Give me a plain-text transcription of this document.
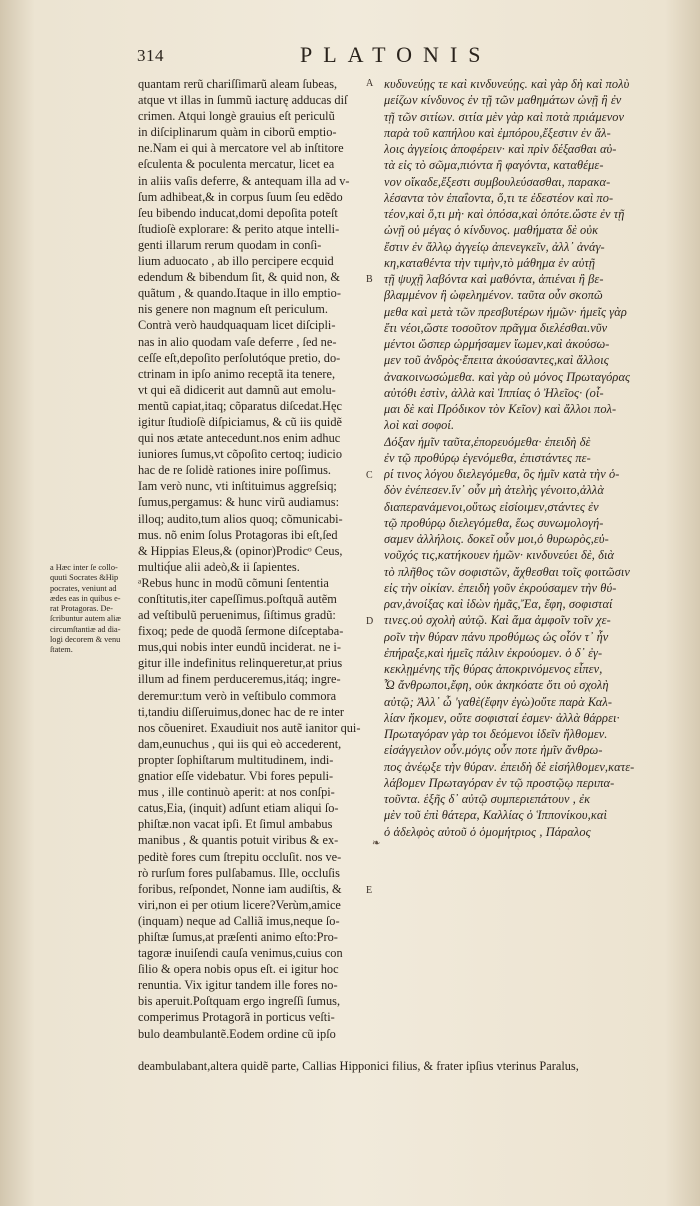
314	PLATONIS
a Hæc inter ſe collo-
quuti Socrates &Hip
pocrates, veniunt ad
ædes eas in quibus e-
rat Protagoras. De-
ſcribuntur autem aliæ
circumſtantiæ ad dia-
logi decorem & venu
ſtatem.
quantam rerũ chariſſimarũ aleam ſubeas,
atque vt illas in ſummũ iacturę adducas diſ
crimen. Atqui longè grauius eſt periculũ
in diſciplinarum quàm in ciborũ emptio-
ne.Nam ei qui à mercatore vel ab inſtitore
eſculenta & poculenta mercatur, licet ea
in aliis vaſis deferre, & antequam illa ad v-
ſum adhibeat,& in corpus ſuum ſeu edẽdo
ſeu bibendo inducat,domi depoſita poteſt
ſtudioſè explorare: & perito atque intelli-
genti illarum rerum quodam in conſi-
lium aduocato , ab illo percipere ecquid
edendum & bibendum ſit, & quid non, &
quãtum , & quando.Itaque in illo emptio-
nis genere non magnum eſt periculum.
Contrà verò haudquaquam licet diſcipli-
nas in alio quodam vaſe deferre , ſed ne-
ceſſe eſt,depoſito perſolutóque pretio, do-
ctrinam in ipſo animo receptã ita tenere,
vt qui eã didicerit aut damnũ aut emolu-
mentũ capiat,itaq; cõparatus diſcedat.Hęc
igitur ſtudioſè diſpiciamus, & cũ iis quidẽ
qui nos ætate antecedunt.nos enim adhuc
iuniores ſumus,vt cõpoſito certoq; iudicio
hac de re ſolidè rationes inire poſſimus.
Iam verò nunc, vti inſtituimus aggreſsiq;
ſumus,pergamus: & hunc virũ audiamus:
illoq; audito,tum alios quoq; cõmunicabi-
mus. nõ enim ſolus Protagoras ibi eſt,ſed
& Hippias Eleus,& (opinor)Prodicᵒ Ceus,
multiq́ue alii adeò,& ii ſapientes.
ᵃRebus hunc in modũ cõmuni ſententia
conſtitutis,iter capeſſimus.poſtquã autẽm
ad veſtibulũ peruenimus, ſiſtimus gradũ:
fixoq; pede de quodã ſermone diſceptaba-
mus,qui nobis inter eundũ inciderat. ne i-
gitur ille indefinitus relinqueretur,at prius
illum ad finem perduceremus,itáq; ingre-
deremur:tum verò in veſtibulo commora
ti,tandiu diſſeruimus,donec hac de re inter
nos cõueniret. Exaudiuit nos autẽ ianitor qui-
dam,eunuchus , qui iis qui eò accederent,
propter ſophiſtarum multitudinem, indi-
gnatior eſſe videbatur. Vbi fores pepuli-
mus , ille continuò aperit: at nos conſpi-
catus,Eia, (inquit) adſunt etiam aliqui ſo-
phiſtæ.non vacat ipſi. Et ſimul ambabus
manibus , & quantis potuit viribus & ex-
peditè fores cum ſtrepitu occluſit. nos ve-
rò rurſum fores pulſabamus. Ille, occluſis
foribus, reſpondet, Nonne iam audiſtis, &
viri,non ei per otium licere?Verùm,amice
(inquam) neque ad Calliã imus,neque ſo-
phiſtæ ſumus,at præſenti animo eſto:Pro-
tagoræ inuiſendi cauſa venimus,cuius con
ſilio & opera nobis opus eſt. ei igitur hoc
renuntia. Vix igitur tandem ille fores no-
bis aperuit.Poſtquam ergo ingreſſi ſumus,
comperimus Protagorã in porticus veſti-
bulo deambulantẽ.Eodem ordine cũ ipſo
A
B
C
D
E
κυδυνεύῃς τε καὶ κινδυνεύῃς. καὶ γὰρ δὴ καὶ πολὺ
μείζων κίνδυνος ἐν τῇ τῶν μαθημάτων ὠνῇ ἢ ἐν
τῇ τῶν σιτίων. σιτία μὲν γὰρ καὶ ποτὰ πριάμενον
παρὰ τοῦ καπήλου καὶ ἐμπόρου,ἔξεστιν ἐν ἄλ-
λοις ἀγγείοις ἀποφέρειν· καὶ πρὶν δέξασθαι αὐ-
τὰ εἰς τὸ σῶμα,πιόντα ἢ φαγόντα, καταθέμε-
νον οἴκαδε,ἔξεστι συμβουλεύσασθαι, παρακα-
λέσαντα τὸν ἐπαΐοντα, ὅ,τι τε ἐδεστέον καὶ πο-
τέον,καὶ ὅ,τι μὴ· καὶ ὁπόσα,καὶ ὁπότε.ὥστε ἐν τῇ
ὠνῇ οὐ μέγας ὁ κίνδυνος. μαθήματα δὲ οὐκ
ἔστιν ἐν ἄλλῳ ἀγγείῳ ἀπενεγκεῖν, ἀλλ᾽ ἀνάγ-
κη,καταθέντα τὴν τιμὴν,τὸ μάθημα ἐν αὐτῇ
τῇ ψυχῇ λαβόντα καὶ μαθόντα, ἀπιέναι ἢ βε-
βλαμμένον ἢ ὠφελημένον. ταῦτα οὖν σκοπῶ
μεθα καὶ μετὰ τῶν πρεσβυτέρων ἡμῶν· ἡμεῖς γὰρ
ἔτι νέοι,ὥστε τοσοῦτον πρᾶγμα διελέσθαι.νῦν
μέντοι ὥσπερ ὡρμήσαμεν ἴωμεν,καὶ ἀκούσω-
μεν τοῦ ἀνδρὸς·ἔπειτα ἀκούσαντες,καὶ ἄλλοις
ἀνακοινωσώμεθα. καὶ γὰρ οὐ μόνος Πρωταγόρας
αὐτόθι ἐστὶν, ἀλλὰ καὶ Ἱππίας ὁ Ἠλεῖος· (οἶ-
μαι δὲ καὶ Πρόδικον τὸν Κεῖον) καὶ ἄλλοι πολ-
λοὶ καὶ σοφοί.
Δόξαν ἡμῖν ταῦτα,ἐπορευόμεθα· ἐπειδὴ δὲ
ἐν τῷ προθύρῳ ἐγενόμεθα, ἐπιστάντες πε-
ρί τινος λόγου διελεγόμεθα, ὃς ἡμῖν κατὰ τὴν ὁ-
δὸν ἐνέπεσεν.ἵν᾽ οὖν μὴ ἀτελὴς γένοιτο,ἀλλὰ
διαπερανάμενοι,οὕτως εἰσίοιμεν,στάντες ἐν
τῷ προθύρῳ διελεγόμεθα, ἕως συνωμολογή-
σαμεν ἀλλήλοις. δοκεῖ οὖν μοι,ὁ θυρωρὸς,εὐ-
νοῦχός τις,κατήκουεν ἡμῶν· κινδυνεύει δὲ, διὰ
τὸ πλῆθος τῶν σοφιστῶν, ἄχθεσθαι τοῖς φοιτῶσιν
εἰς τὴν οἰκίαν. ἐπειδὴ γοῦν ἐκρούσαμεν τὴν θύ-
ραν,ἀνοίξας καὶ ἰδὼν ἡμᾶς,Ἔα, ἔφη, σοφισταί
τινες.οὐ σχολὴ αὐτῷ. Καὶ ἅμα ἀμφοῖν τοῖν χε-
ροῖν τὴν θύραν πάνυ προθύμως ὡς οἷόν τ᾽ ἦν
ἐπήραξε,καὶ ἡμεῖς πάλιν ἐκρούομεν. ὁ δ᾽ ἐγ-
κεκλῃμένης τῆς θύρας ἀποκρινόμενος εἶπεν,
Ὦ ἄνθρωποι,ἔφη, οὐκ ἀκηκόατε ὅτι οὐ σχολὴ
αὐτῷ; Ἀλλ᾽ ὦ 'γαθὲ(ἔφην ἐγὼ)οὔτε παρὰ Καλ-
λίαν ἥκομεν, οὔτε σοφισταί ἐσμεν· ἀλλὰ θάρρει·
Πρωταγόραν γὰρ τοι δεόμενοι ἰδεῖν ἤλθομεν.
εἰσάγγειλον οὖν.μόγις οὖν ποτε ἡμῖν ἄνθρω-
πος ἀνέῳξε τὴν θύραν. ἐπειδὴ δὲ εἰσήλθομεν,κατε-
λάβομεν Πρωταγόραν ἐν τῷ προστῷῳ περιπα-
τοῦντα. ἑξῆς δ᾽ αὐτῷ συμπεριεπάτουν , ἐκ
μὲν τοῦ ἐπὶ θάτερα, Καλλίας ὁ Ἱππονίκου,καὶ
ὁ ἀδελφὸς αὐτοῦ ὁ ὁμομήτριος , Πάραλος
❧
deambulabant,altera quidẽ parte, Callias Hipponici filius, & frater ipſius vterinus Paralus,
